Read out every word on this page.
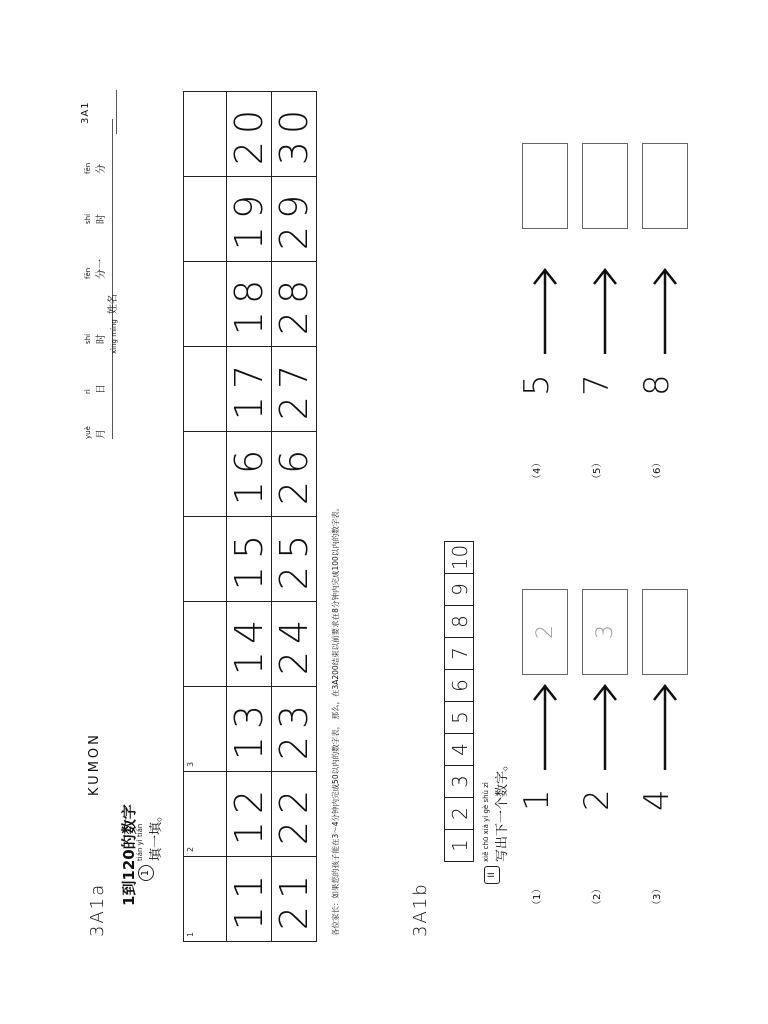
3A1a
KUMON
3A1
1到120的数字 1
tián yì tián 填一填。
yuè 月
rì 日
shí 时
fēn 分一
shí 时
fēn 分
xìng míng 姓名
1
2
3
11
12
13
14
15
16
17
18
19
20
21
22
23
24
25
26
27
28
29
30
各位家长：如果您的孩子能在3～4分钟内完成50以内的数字表， 那么，在3A200结束以前要求在8分钟内完成100以内的数字表。	3A1b
1
2
3
4
5
6
7
8
9
10
II
xiě chū xià yí gè shù zì 写出下一个数字。
（1）
1
2
（2）
2
3
（3）
4
（4）
5
（5）
7
（6）
8
